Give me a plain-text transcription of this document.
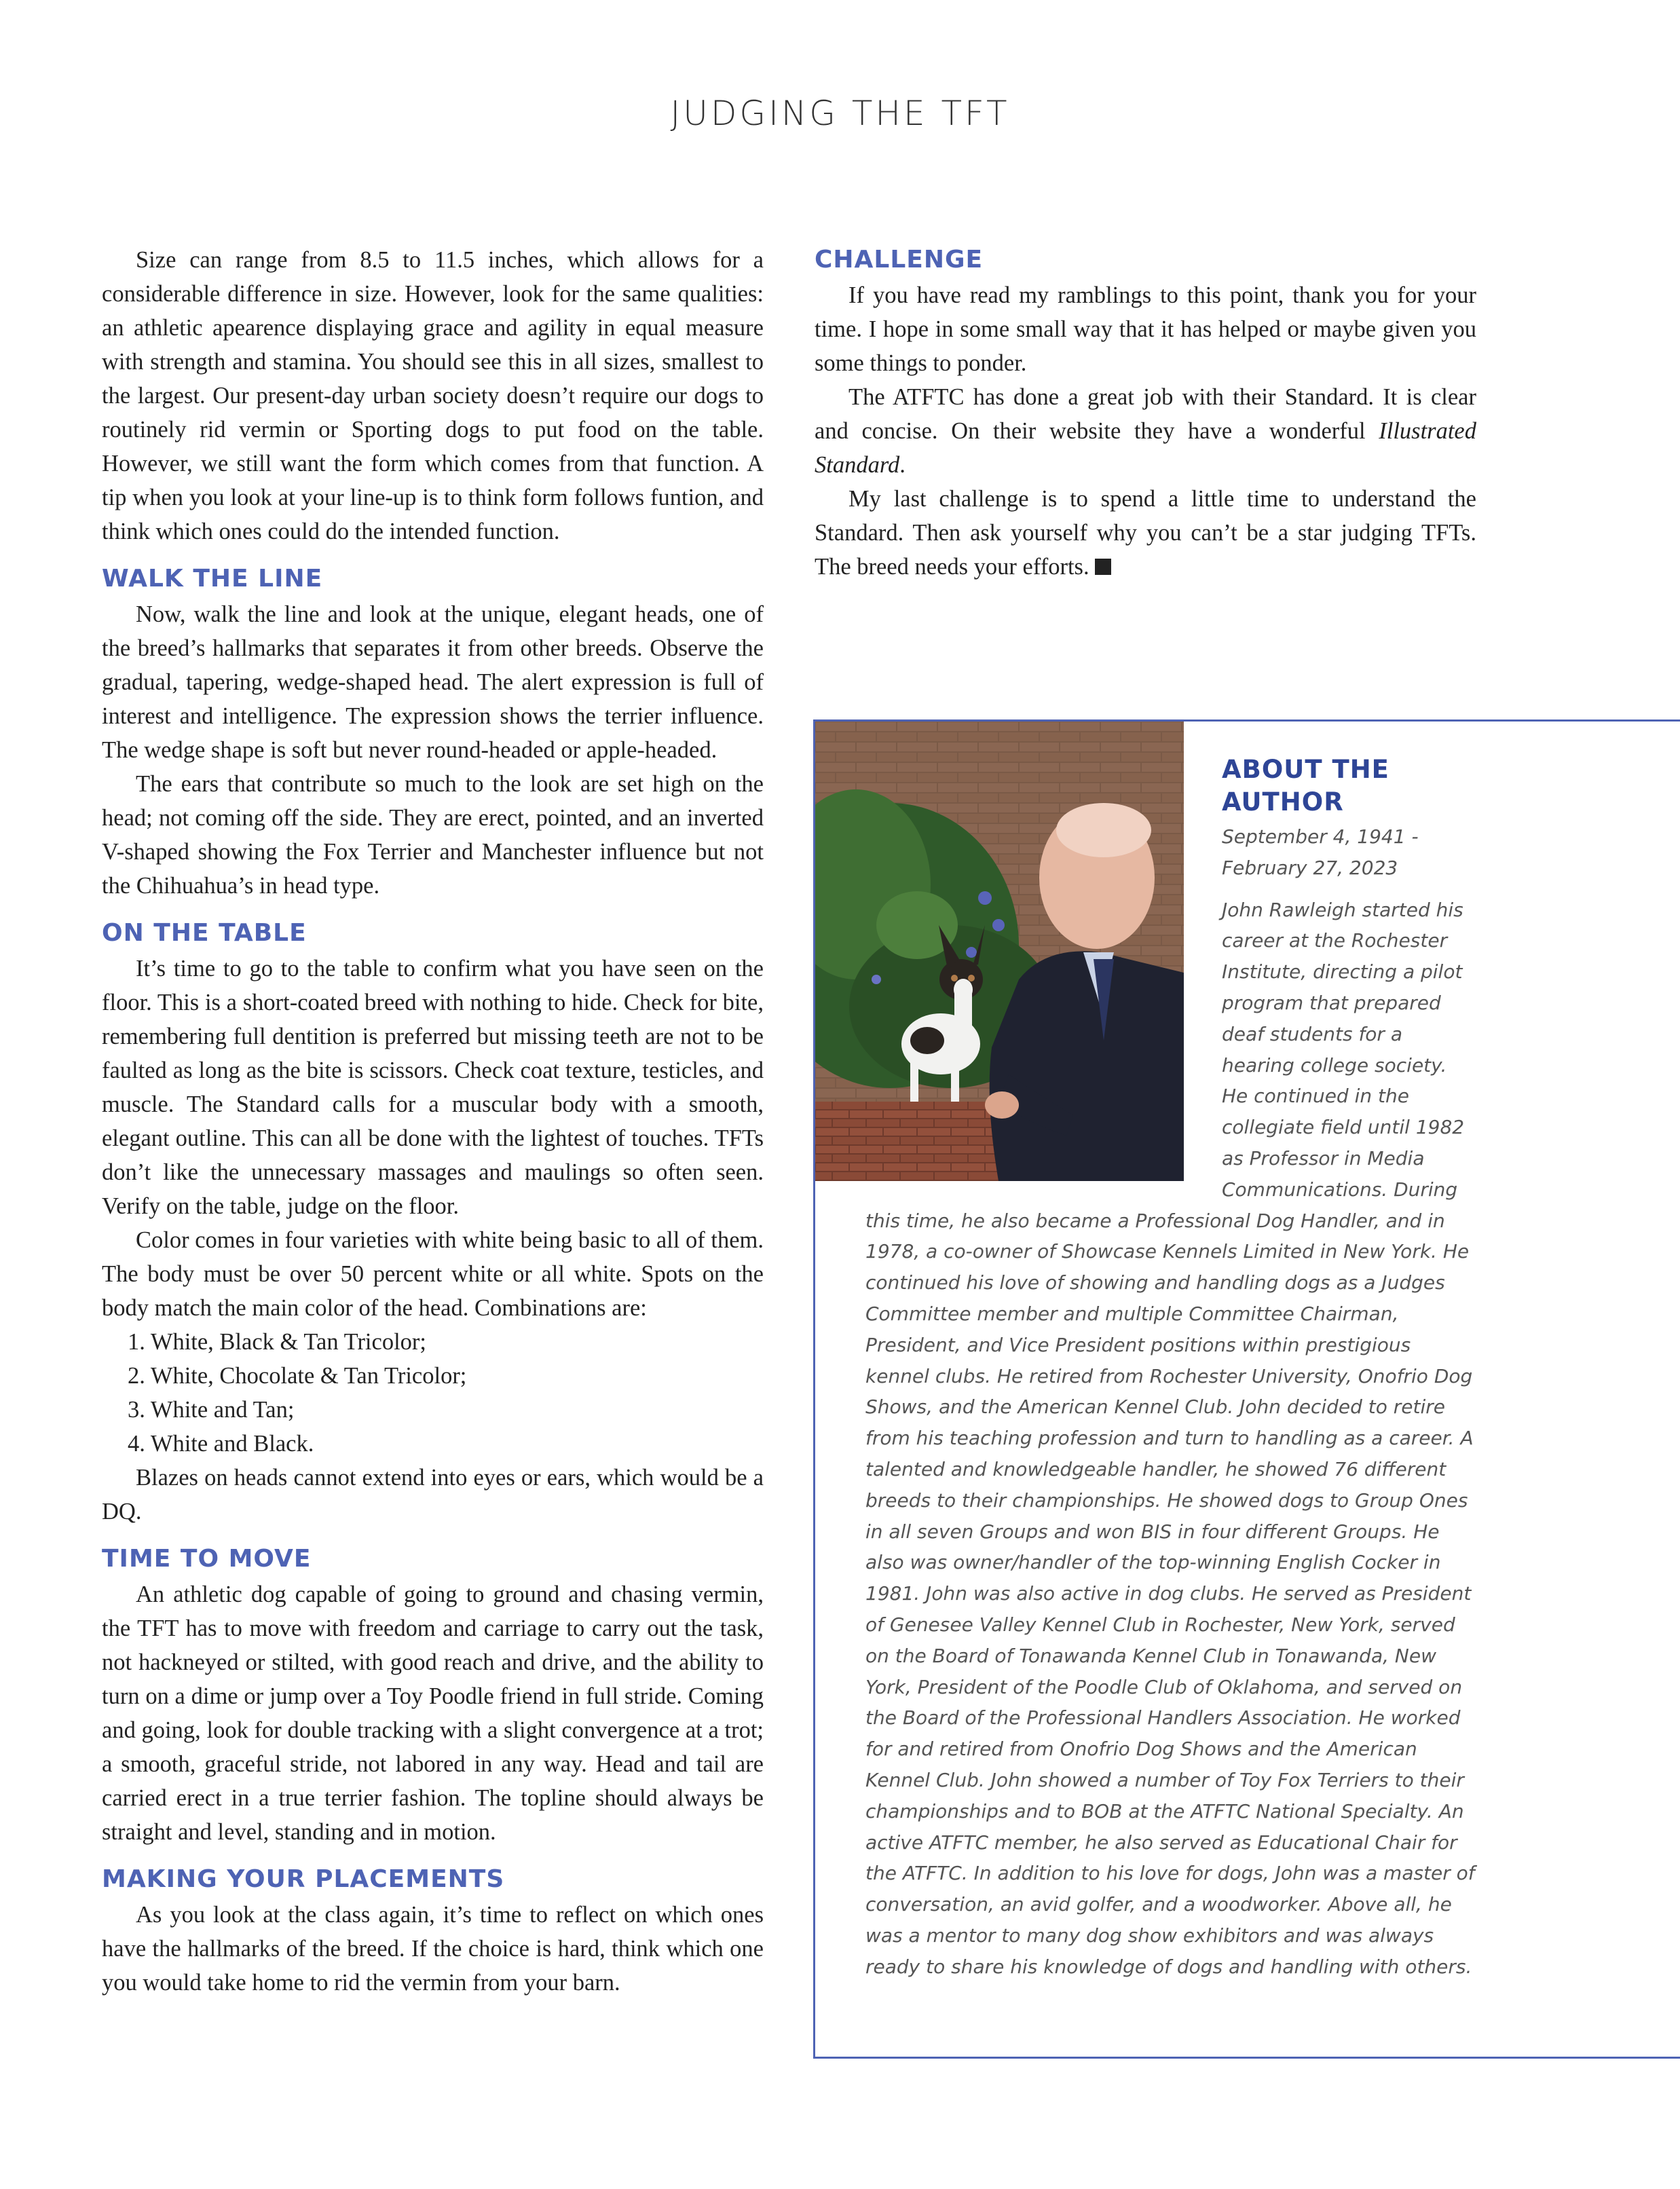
JUDGING THE TFT

Size can range from 8.5 to 11.5 inches, which allows for a considerable difference in size. However, look for the same qualities: an athletic apearence displaying grace and agility in equal measure with strength and stamina. You should see this in all sizes, smallest to the largest. Our present-day urban society doesn’t require our dogs to routinely rid vermin or Sporting dogs to put food on the table. However, we still want the form which comes from that function. A tip when you look at your line-up is to think form follows funtion, and think which ones could do the intended function.

WALK THE LINE

Now, walk the line and look at the unique, elegant heads, one of the breed’s hallmarks that separates it from other breeds. Observe the gradual, tapering, wedge-shaped head. The alert expression is full of interest and intelligence. The expression shows the terrier influence. The wedge shape is soft but never round-headed or apple-headed.

The ears that contribute so much to the look are set high on the head; not coming off the side. They are erect, pointed, and an inverted V-shaped showing the Fox Terrier and Manchester influence but not the Chihuahua’s in head type.

ON THE TABLE

It’s time to go to the table to confirm what you have seen on the floor. This is a short-coated breed with nothing to hide. Check for bite, remembering full dentition is preferred but missing teeth are not to be faulted as long as the bite is scissors. Check coat texture, testicles, and muscle. The Standard calls for a muscular body with a smooth, elegant outline. This can all be done with the lightest of touches. TFTs don’t like the unnecessary massages and maulings so often seen. Verify on the table, judge on the floor.

Color comes in four varieties with white being basic to all of them. The body must be over 50 percent white or all white. Spots on the body match the main color of the head. Combinations are:

1. White, Black & Tan Tricolor;
2. White, Chocolate & Tan Tricolor;
3. White and Tan;
4. White and Black.

Blazes on heads cannot extend into eyes or ears, which would be a DQ.

TIME TO MOVE

An athletic dog capable of going to ground and chasing vermin, the TFT has to move with freedom and carriage to carry out the task, not hackneyed or stilted, with good reach and drive, and the ability to turn on a dime or jump over a Toy Poodle friend in full stride. Coming and going, look for double tracking with a slight convergence at a trot; a smooth, graceful stride, not labored in any way. Head and tail are carried erect in a true terrier fashion. The topline should always be straight and level, standing and in motion.

MAKING YOUR PLACEMENTS

As you look at the class again, it’s time to reflect on which ones have the hallmarks of the breed. If the choice is hard, think which one you would take home to rid the vermin from your barn.

CHALLENGE

If you have read my ramblings to this point, thank you for your time. I hope in some small way that it has helped or maybe given you some things to ponder.

The ATFTC has done a great job with their Standard. It is clear and concise. On their website they have a wonderful Illustrated Standard.

My last challenge is to spend a little time to understand the Standard. Then ask yourself why you can’t be a star judging TFTs. The breed needs your efforts.

ABOUT THE
AUTHOR
September 4, 1941 -
February 27, 2023
John Rawleigh started his career at the Rochester Institute, directing a pilot program that prepared deaf students for a hearing college society. He continued in the collegiate field until 1982 as Professor in Media Communications. During this time, he also became a Professional Dog Handler, and in 1978, a co-owner of Showcase Kennels Limited in New York. He continued his love of showing and handling dogs as a Judges Committee member and multiple Committee Chairman, President, and Vice President positions within prestigious kennel clubs. He retired from Rochester University, Onofrio Dog Shows, and the American Kennel Club. John decided to retire from his teaching profession and turn to handling as a career. A talented and knowledgeable handler, he showed 76 different breeds to their championships. He showed dogs to Group Ones in all seven Groups and won BIS in four different Groups. He also was owner/handler of the top-winning English Cocker in 1981. John was also active in dog clubs. He served as President of Genesee Valley Kennel Club in Rochester, New York, served on the Board of Tonawanda Kennel Club in Tonawanda, New York, President of the Poodle Club of Oklahoma, and served on the Board of the Professional Handlers Association. He worked for and retired from Onofrio Dog Shows and the American Kennel Club. John showed a number of Toy Fox Terriers to their championships and to BOB at the ATFTC National Specialty. An active ATFTC member, he also served as Educational Chair for the ATFTC. In addition to his love for dogs, John was a master of conversation, an avid golfer, and a woodworker. Above all, he was a mentor to many dog show exhibitors and was always ready to share his knowledge of dogs and handling with others.
